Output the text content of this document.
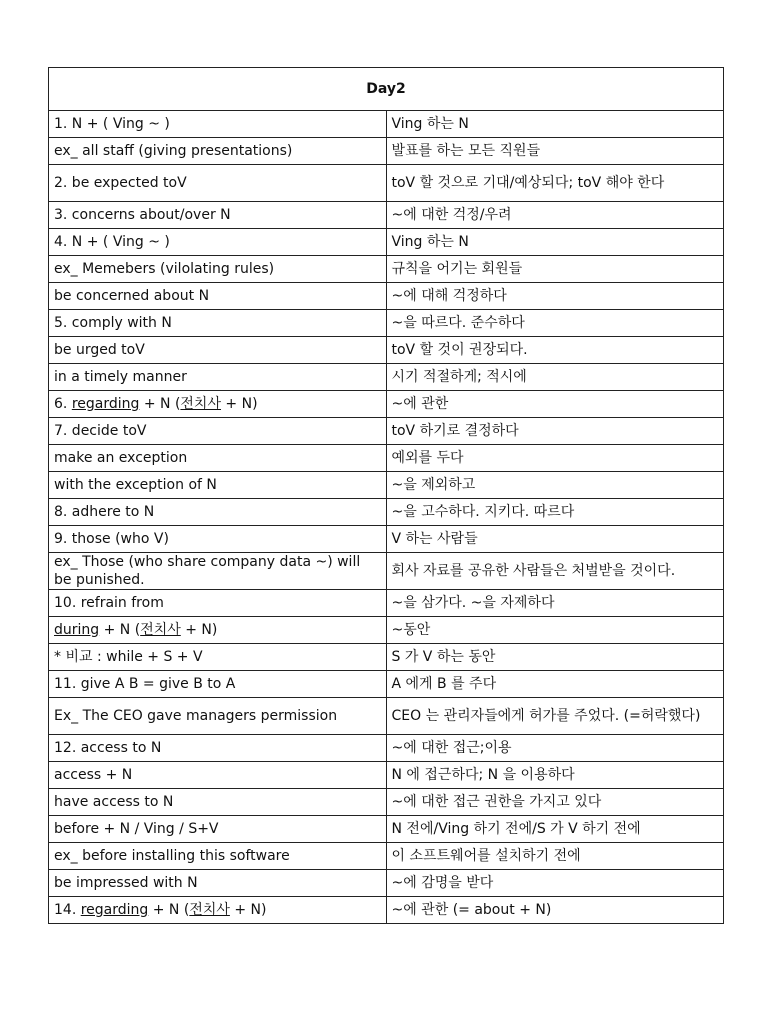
Day2	
1. N + ( Ving ~ )	Ving 하는 N
ex_ all staff (giving presentations)	발표를 하는 모든 직원들
2. be expected toV	toV 할 것으로 기대/예상되다; toV 해야 한다
3. concerns about/over N	~에 대한 걱정/우려
4. N + ( Ving ~ )	Ving 하는 N
ex_ Memebers (vilolating rules)	규칙을 어기는 회원들
be concerned about N	~에 대해 걱정하다
5. comply with N	~을 따르다. 준수하다
be urged toV	toV 할 것이 권장되다.
in a timely manner	시기 적절하게; 적시에
6. regarding + N (전치사 + N)	~에 관한
7. decide toV	toV 하기로 결정하다
make an exception	예외를 두다
with the exception of N	~을 제외하고
8. adhere to N	~을 고수하다. 지키다. 따르다
9. those (who V)	V 하는 사람들
ex_ Those (who share company data ~) will be punished.	회사 자료를 공유한 사람들은 처벌받을 것이다.
10. refrain from	~을 삼가다. ~을 자제하다
during + N (전치사 + N)	~동안
* 비교 : while + S + V	S 가 V 하는 동안
11. give A B = give B to A	A 에게 B 를 주다
Ex_ The CEO gave managers permission	CEO 는 관리자들에게 허가를 주었다. (=허락했다)
12. access to N	~에 대한 접근;이용
access + N	N 에 접근하다; N 을 이용하다
have access to N	~에 대한 접근 권한을 가지고 있다
before + N / Ving / S+V	N 전에/Ving 하기 전에/S 가 V 하기 전에
ex_ before installing this software	이 소프트웨어를 설치하기 전에
be impressed with N	~에 감명을 받다
14. regarding + N (전치사 + N)	~에 관한 (= about + N)
